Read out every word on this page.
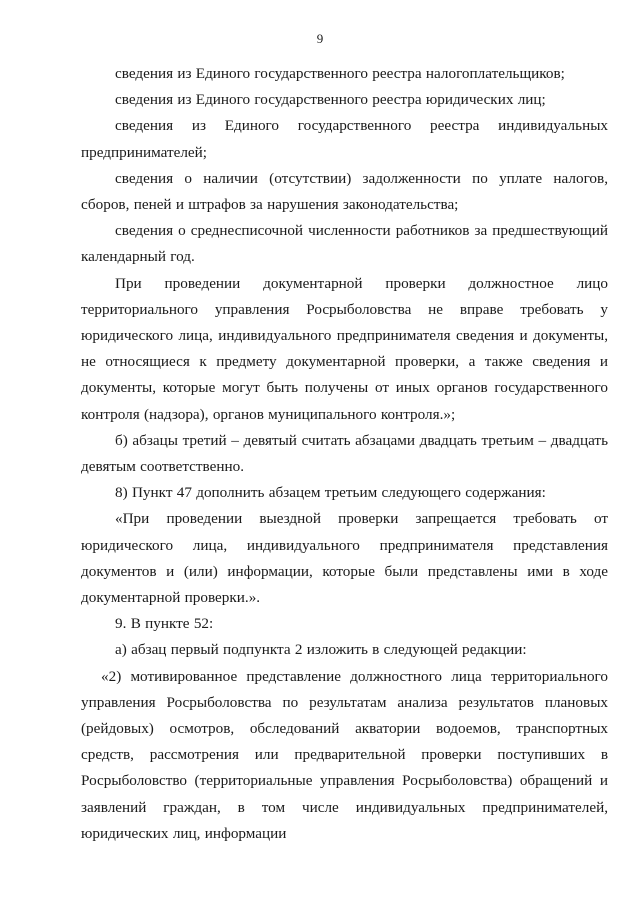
9

сведения из Единого государственного реестра налогоплательщиков;

сведения из Единого государственного реестра юридических лиц;

сведения из Единого государственного реестра индивидуальных предпринимателей;

сведения о наличии (отсутствии) задолженности по уплате налогов, сборов, пеней и штрафов за нарушения законодательства;

сведения о среднесписочной численности работников за предшествующий календарный год.

При проведении документарной проверки должностное лицо территориального управления Росрыболовства не вправе требовать у юридического лица, индивидуального предпринимателя сведения и документы, не относящиеся к предмету документарной проверки, а также сведения и документы, которые могут быть получены от иных органов государственного контроля (надзора), органов муниципального контроля.»;

б) абзацы третий – девятый считать абзацами двадцать третьим – двадцать девятым соответственно.

8) Пункт 47 дополнить абзацем третьим следующего содержания:

«При проведении выездной проверки запрещается требовать от юридического лица, индивидуального предпринимателя представления документов и (или) информации, которые были представлены ими в ходе документарной проверки.».

9. В пункте 52:

а) абзац первый подпункта 2 изложить в следующей редакции:

«2) мотивированное представление должностного лица территориального управления Росрыболовства по результатам анализа результатов плановых (рейдовых) осмотров, обследований акватории водоемов, транспортных средств, рассмотрения или предварительной проверки поступивших в Росрыболовство (территориальные управления Росрыболовства) обращений и заявлений граждан, в том числе индивидуальных предпринимателей, юридических лиц, информации
